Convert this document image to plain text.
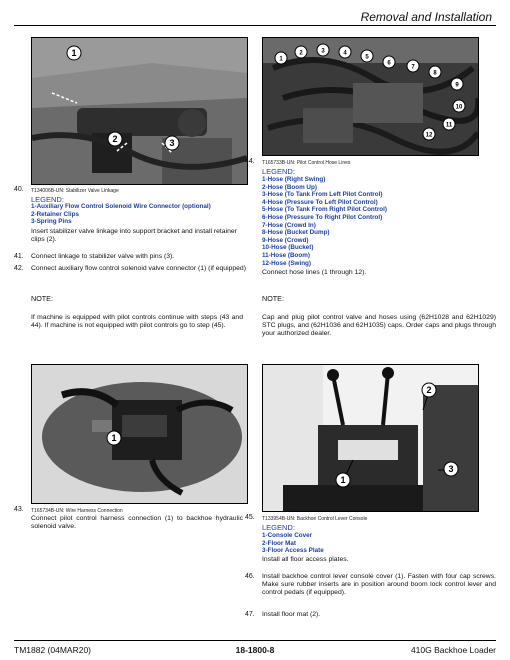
Removal and Installation
1
2	3
40. T134006B-UN: Stabilizer Valve Linkage
LEGEND:
1-Auxiliary Flow Control Solenoid Wire Connector (optional)
2-Retainer Clips
3-Spring Pins
Insert stabilizer valve linkage into support bracket and install retainer clips (2).
41. Connect linkage to stabilizer valve with pins (3).
42. Connect auxiliary flow control solenoid valve connector (1) (if equipped)
NOTE:
If machine is equipped with pilot controls continue with steps (43 and 44). If machine is not equipped with pilot controls go to step (45).
1
43. T165734B-UN: Wire Harness Connection
Connect pilot control harness connection (1) to backhoe hydraulic solenoid valve.
1
2	3	4
5
6
7
8
9
10
11
12
44. T165733B-UN: Pilot Control Hose Lines
LEGEND:
1-Hose (Right Swing)
2-Hose (Boom Up)
3-Hose (To Tank From Left Pilot Control)
4-Hose (Pressure To Left Pilot Control)
5-Hose (To Tank From Right Pilot Control)
6-Hose (Pressure To Right Pilot Control)
7-Hose (Crowd In)
8-Hose (Bucket Dump)
9-Hose (Crowd)
10-Hose (Bucket)
11-Hose (Boom)
12-Hose (Swing)
Connect hose lines (1 through 12).
NOTE:
Cap and plug pilot control valve and hoses using (62H1028 and 62H1029) STC plugs, and (62H1036 and 62H1035) caps. Order caps and plugs through your authorized dealer.
1
2
3
45. T133954B-UN: Backhoe Control Lever Console
LEGEND:
1-Console Cover
2-Floor Mat
3-Floor Access Plate
Install all floor access plates.
46. Install backhoe control lever console cover (1). Fasten with four cap screws. Make sure rubber inserts are in position around boom lock control lever and control pedals (if equipped).
47. Install floor mat (2).
TM1882 (04MAR20)	18-1800-8	410G Backhoe Loader
